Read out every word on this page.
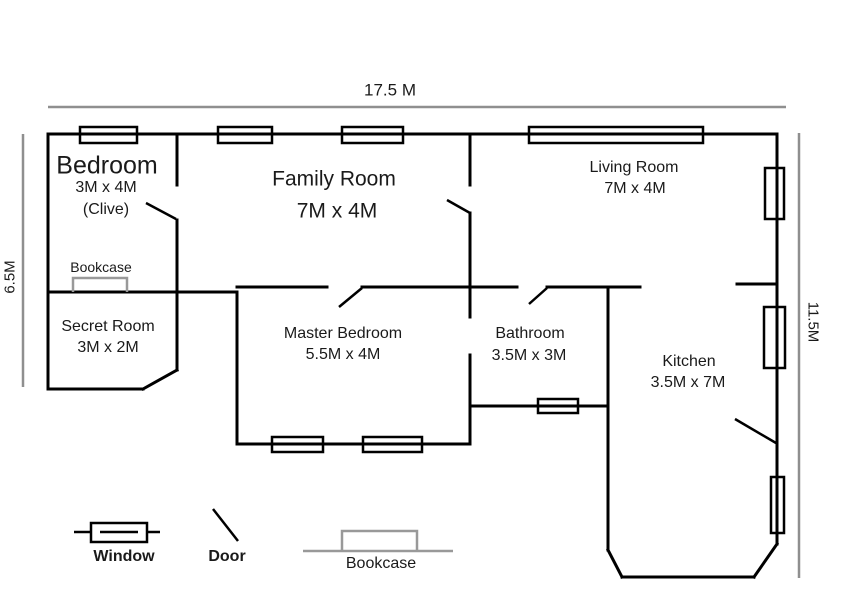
17.5 M
6.5M
11.5M
Bedroom
3M x 4M
(Clive)
Family Room
7M x 4M
Living Room
7M x 4M
Secret Room
3M x 2M
Master Bedroom
5.5M x 4M
Bathroom
3.5M x 3M	Kitchen
3.5M x 7M
Bookcase
Window	Door	Bookcase
